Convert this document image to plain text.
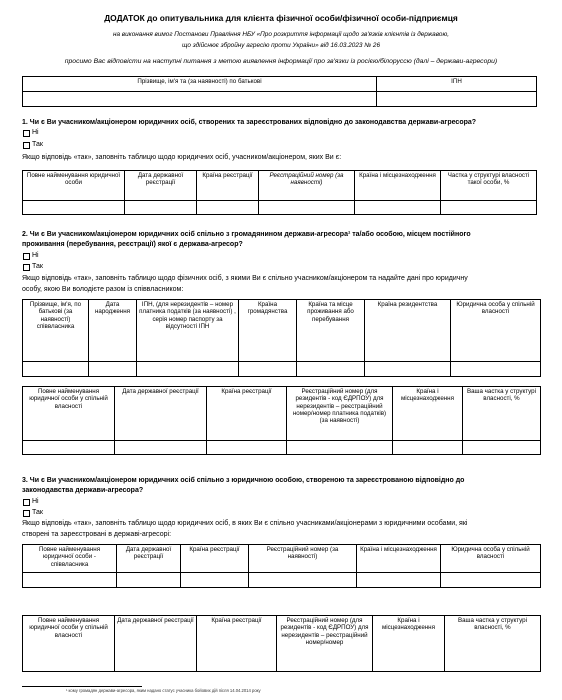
ДОДАТОК до опитувальника для клієнта фізичної особи/фізичної особи-підприємця
на виконання вимог Постанови Правління НБУ «Про розкриття інформації щодо зв'язків клієнтів із державою,
що здійснює збройну агресію проти України» від 16.03.2023 № 26
просимо Вас відповісти на наступні питання з метою виявлення інформації про зв'язки із росією/білоруссю (далі – держави-агресори)
Прізвище, ім'я та (за наявності) по батькові	ІПН

1. Чи є Ви учасником/акціонером юридичних осіб, створених та зареєстрованих відповідно до законодавства держави-агресора?
Ні
Так
Якщо відповідь «так», заповніть таблицю щодо юридичних осіб, учасником/акціонером, яких Ви є:
Повне найменування юридичної особи	Дата державної реєстрації	Країна реєстрації	Реєстраційний номер (за наявності)	Країна і місцезнаходження	Частка у структурі власності такої особи, %

2. Чи є Ви учасником/акціонером юридичних осіб спільно з громадянином держави-агресора¹ та/або особою, місцем постійного
проживання (перебування, реєстрації) якої є держава-агресор?
Ні
Так
Якщо відповідь «так», заповніть таблицю щодо фізичних осіб, з якими Ви є спільно учасником/акціонером та надайте дані про юридичну
особу, якою Ви володієте разом із співвласником:
Прізвище, ім'я, по батькові (за наявності) співвласника	Дата народження	ІПН, (для нерезидентів – номер платника податків (за наявності) , серія номер паспорту за відсутності ІПН	Країна громадянства	Країна та місце проживання або перебування	Країна резидентства	Юридична особа у спільній власності

Повне найменування юридичної особи у спільній власності	Дата державної реєстрації	Країна реєстрації	Реєстраційний номер (для резидентів - код ЄДРПОУ) для нерезидентів – реєстраційний номер/номер платника податків) (за наявності)	Країна і місцезнаходження	Ваша частка у структурі власності, %

3. Чи є Ви учасником/акціонером юридичних осіб спільно з юридичною особою, створеною та зареєстрованою відповідно до
законодавства держави-агресора?
Ні
Так
Якщо відповідь «так», заповніть таблицю щодо юридичних осіб, в яких Ви є спільно учасниками/акціонерами з юридичними особами, які
створені та зареєстровані в державі-агресорі:
Повне найменування юридичної особи - співвласника	Дата державної реєстрації	Країна реєстрації	Реєстраційний номер (за наявності)	Країна і місцезнаходження	Юридична особа у спільній власності

Повне найменування юридичної особи у спільній власності	Дата державної реєстрації	Країна реєстрації	Реєстраційний номер (для резидентів - код ЄДРПОУ) для нерезидентів – реєстраційний номер/номер	Країна і місцезнаходження	Ваша частка у структурі власності, %
¹ кому громадян держави-агресора, яким надано статус учасника бойових дій після 14.04.2014 року
